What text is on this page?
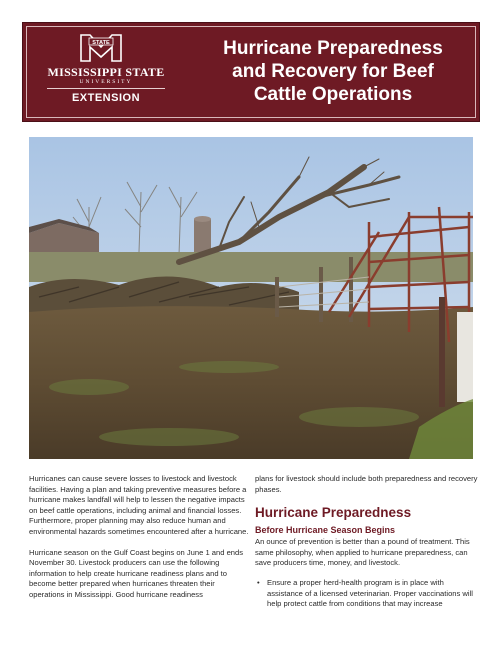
STATE
MISSISSIPPI STATE
UNIVERSITY
EXTENSION
Hurricane Preparedness
and Recovery for Beef
Cattle Operations

Hurricanes can cause severe losses to livestock and livestock facilities. Having a plan and taking preventive measures before a hurricane makes landfall will help to lessen the negative impacts on beef cattle operations, including animal and financial losses. Furthermore, proper planning may also reduce human and environmental hazards sometimes encountered after a hurricane.

Hurricane season on the Gulf Coast begins on June 1 and ends November 30. Livestock producers can use the following information to help create hurricane readiness plans and to become better prepared when hurricanes threaten their operations in Mississippi. Good hurricane readiness

plans for livestock should include both preparedness and recovery phases.

Hurricane Preparedness
Before Hurricane Season Begins

An ounce of prevention is better than a pound of treatment. This same philosophy, when applied to hurricane preparedness, can save producers time, money, and livestock.

• Ensure a proper herd-health program is in place with assistance of a licensed veterinarian. Proper vaccinations will help protect cattle from conditions that may increase
